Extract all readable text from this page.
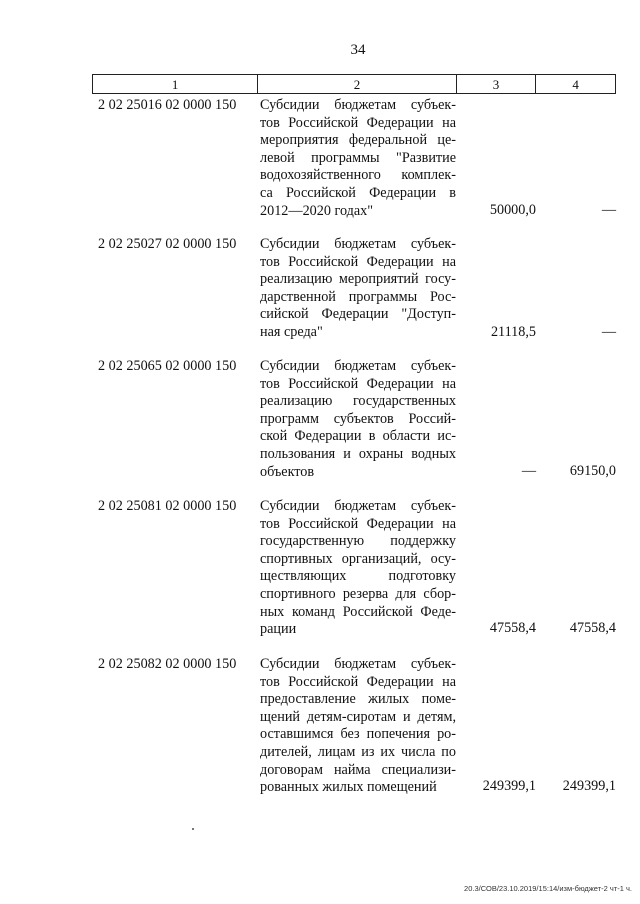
34
1	2	3	4
2 02 25016 02 0000 150 Субсидии бюджетам субъек-
тов Российской Федерации на
мероприятия федеральной це-
левой программы "Развитие
водохозяйственного комплек-
са Российской Федерации в
2012—2020 годах"	50000,0	—
2 02 25027 02 0000 150 Субсидии бюджетам субъек-
тов Российской Федерации на
реализацию мероприятий госу-
дарственной программы Рос-
сийской Федерации "Доступ-
ная среда"	21118,5	—
2 02 25065 02 0000 150 Субсидии бюджетам субъек-
тов Российской Федерации на
реализацию государственных
программ субъектов Россий-
ской Федерации в области ис-
пользования и охраны водных
объектов	—	69150,0
2 02 25081 02 0000 150 Субсидии бюджетам субъек-
тов Российской Федерации на
государственную поддержку
спортивных организаций, осу-
ществляющих подготовку
спортивного резерва для сбор-
ных команд Российской Феде-
рации	47558,4	47558,4
2 02 25082 02 0000 150 Субсидии бюджетам субъек-
тов Российской Федерации на
предоставление жилых поме-
щений детям-сиротам и детям,
оставшимся без попечения ро-
дителей, лицам из их числа по
договорам найма специализи-
рованных жилых помещений	249399,1	249399,1
20.3/СОВ/23.10.2019/15:14/изм-бюджет-2 чт-1 ч.
